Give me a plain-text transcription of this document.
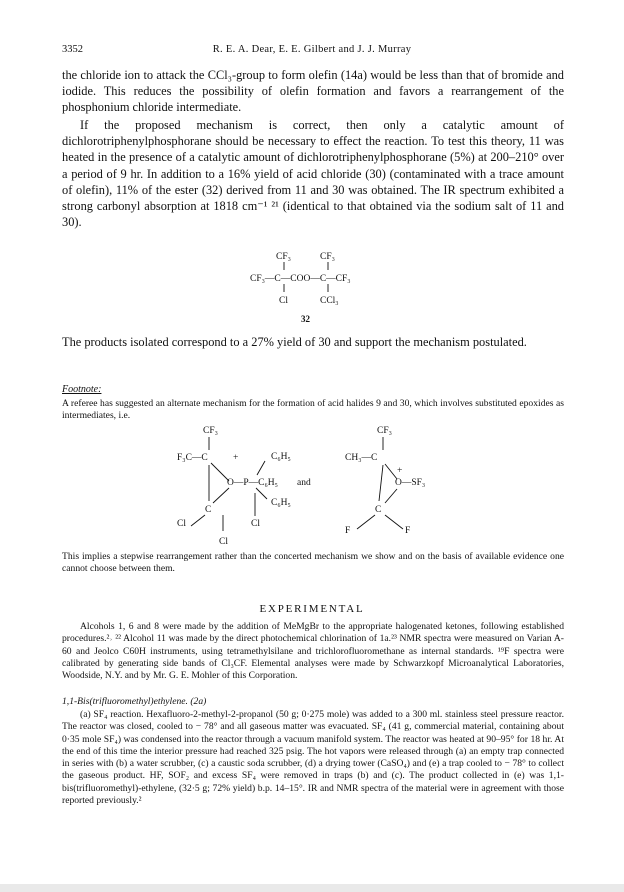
3352	R. E. A. Dear, E. E. Gilbert and J. J. Murray

the chloride ion to attack the CCl₃-group to form olefin (14a) would be less than that of bromide and iodide. This reduces the possibility of olefin formation and favors a rearrangement of the phosphonium chloride intermediate.

If the proposed mechanism is correct, then only a catalytic amount of dichlorotriphenylphosphorane should be necessary to effect the reaction. To test this theory, 11 was heated in the presence of a catalytic amount of dichlorotriphenylphosphorane (5%) at 200–210° over a period of 9 hr. In addition to a 16% yield of acid chloride (30) (contaminated with a trace amount of olefin), 11% of the ester (32) derived from 11 and 30 was obtained. The IR spectrum exhibited a strong carbonyl absorption at 1818 cm⁻¹ ²¹ (identical to that obtained via the sodium salt of 11 and 30).

CF₃	CF₃
CF₃—C—COO—C—CF₃
Cl	CCl₃
32

The products isolated correspond to a 27% yield of 30 and support the mechanism postulated.

Footnote:

A referee has suggested an alternate mechanism for the formation of acid halides 9 and 30, which involves substituted epoxides as intermediates, i.e.

CF₃
F₃C—C	+	C₆H₅
O—P—C₆H₅
C
C₆H₅
Cl	Cl
Cl
and
CF₃
CH₃—C
+
O—SF₃
C
F	F

This implies a stepwise rearrangement rather than the concerted mechanism we show and on the basis of available evidence one cannot choose between them.

EXPERIMENTAL

Alcohols 1, 6 and 8 were made by the addition of MeMgBr to the appropriate halogenated ketones, following established procedures.²˒ ²² Alcohol 11 was made by the direct photochemical chlorination of 1a.²³ NMR spectra were measured on Varian A-60 and Jeolco C60H instruments, using tetramethylsilane and trichlorofluoromethane as internal standards. ¹⁹F spectra were calibrated by generating side bands of Cl₃CF. Elemental analyses were made by Schwarzkopf Microanalytical Laboratories, Woodside, N.Y. and by Mr. G. E. Mohler of this Corporation.

1,1-Bis(trifluoromethyl)ethylene. (2a)

(a) SF₄ reaction. Hexafluoro-2-methyl-2-propanol (50 g; 0·275 mole) was added to a 300 ml. stainless steel pressure reactor. The reactor was closed, cooled to − 78° and all gaseous matter was evacuated. SF₄ (41 g, commercial material, containing about 0·35 mole SF₄) was condensed into the reactor through a vacuum manifold system. The reactor was heated at 90–95° for 18 hr. At the end of this time the interior pressure had reached 325 psig. The hot vapors were released through (a) an empty trap connected in series with (b) a water scrubber, (c) a caustic soda scrubber, (d) a drying tower (CaSO₄) and (e) a trap cooled to − 78° to collect the gaseous product. HF, SOF₂ and excess SF₄ were removed in traps (b) and (c). The product collected in (e) was 1,1-bis(trifluoromethyl)-ethylene, (32·5 g; 72% yield) b.p. 14–15°. IR and NMR spectra of the material were in agreement with those reported previously.²
